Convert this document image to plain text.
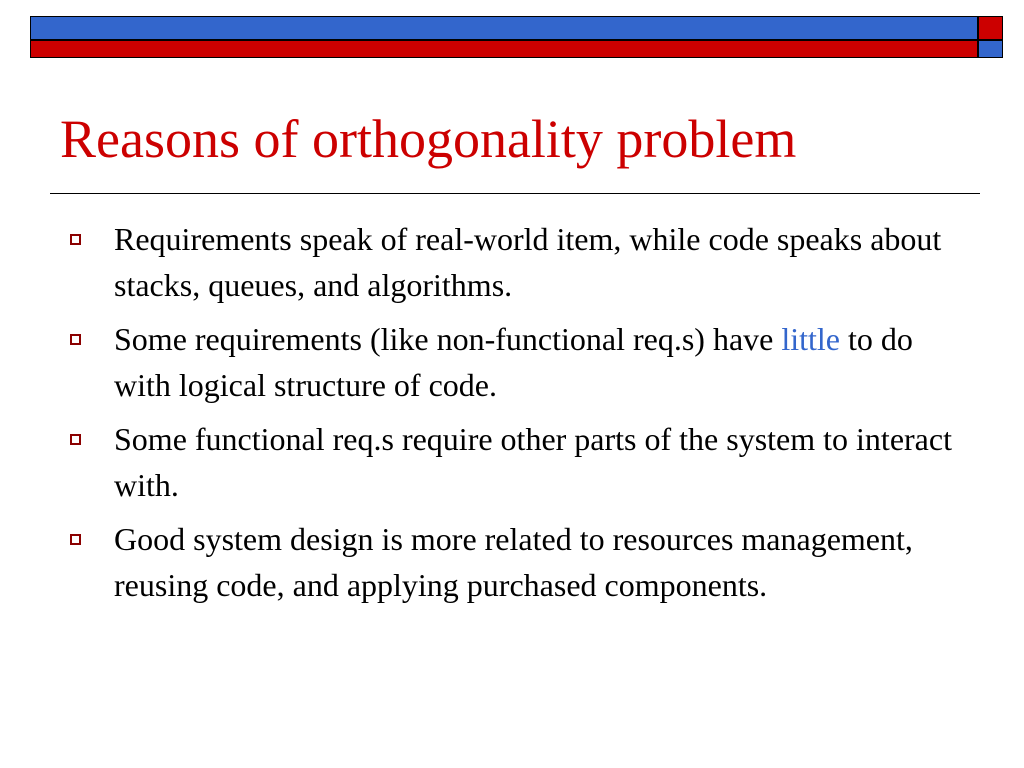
Reasons of orthogonality problem
Requirements speak of real-world item, while code speaks about stacks, queues, and algorithms.
Some requirements (like non-functional req.s) have little to do with logical structure of code.
Some functional req.s require other parts of the system to interact with.
Good system design is more related to resources management, reusing code, and applying purchased components.
